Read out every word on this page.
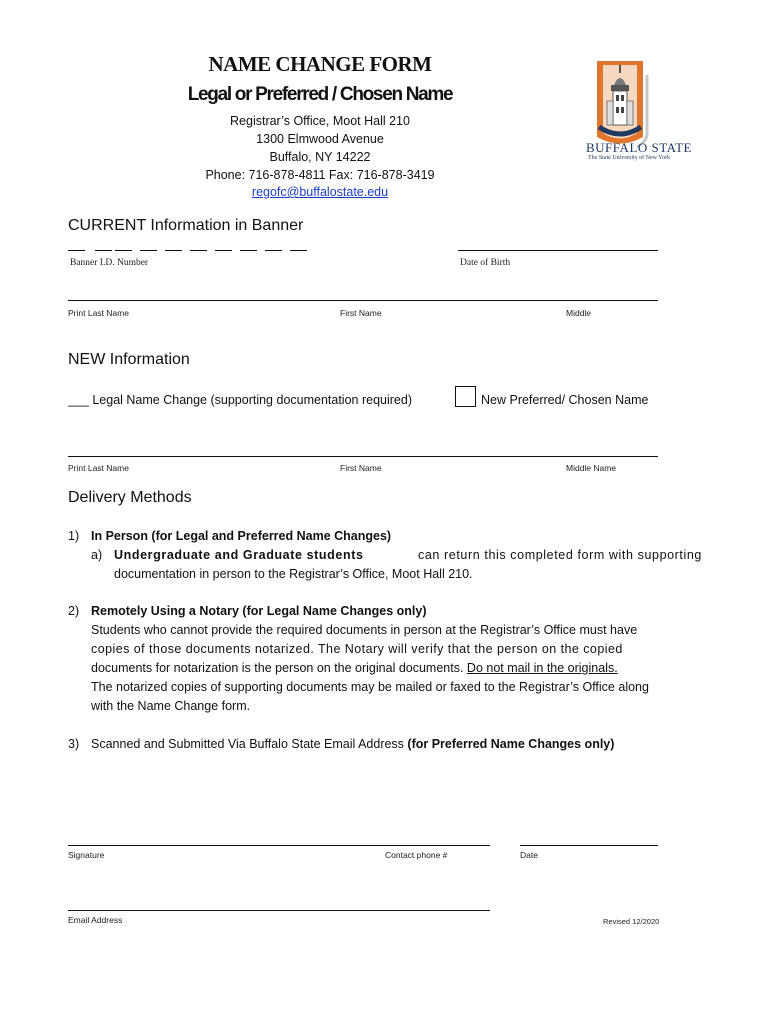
NAME CHANGE FORM
Legal or Preferred / Chosen Name
Registrar’s Office, Moot Hall 210
1300 Elmwood Avenue
Buffalo, NY 14222
Phone: 716-878-4811 Fax: 716-878-3419
regofc@buffalostate.edu
BUFFALO STATE
The State University of New York
CURRENT Information in Banner
Banner I.D. Number	Date of Birth
Print Last Name	First Name	Middle
NEW Information
___ Legal Name Change (supporting documentation required)	New Preferred/ Chosen Name
Print Last Name	First Name	Middle Name
Delivery Methods
1) In Person (for Legal and Preferred Name Changes)
a) Undergraduate and Graduate students	can return this completed form with supporting
documentation in person to the Registrar’s Office, Moot Hall 210.
2) Remotely Using a Notary (for Legal Name Changes only)
Students who cannot provide the required documents in person at the Registrar’s Office must have
copies of those documents notarized. The Notary will verify that the person on the copied
documents for notarization is the person on the original documents. Do not mail in the originals.
The notarized copies of supporting documents may be mailed or faxed to the Registrar’s Office along
with the Name Change form.
3) Scanned and Submitted Via Buffalo State Email Address (for Preferred Name Changes only)
Signature	Contact phone #	Date
Email Address	Revised 12/2020
